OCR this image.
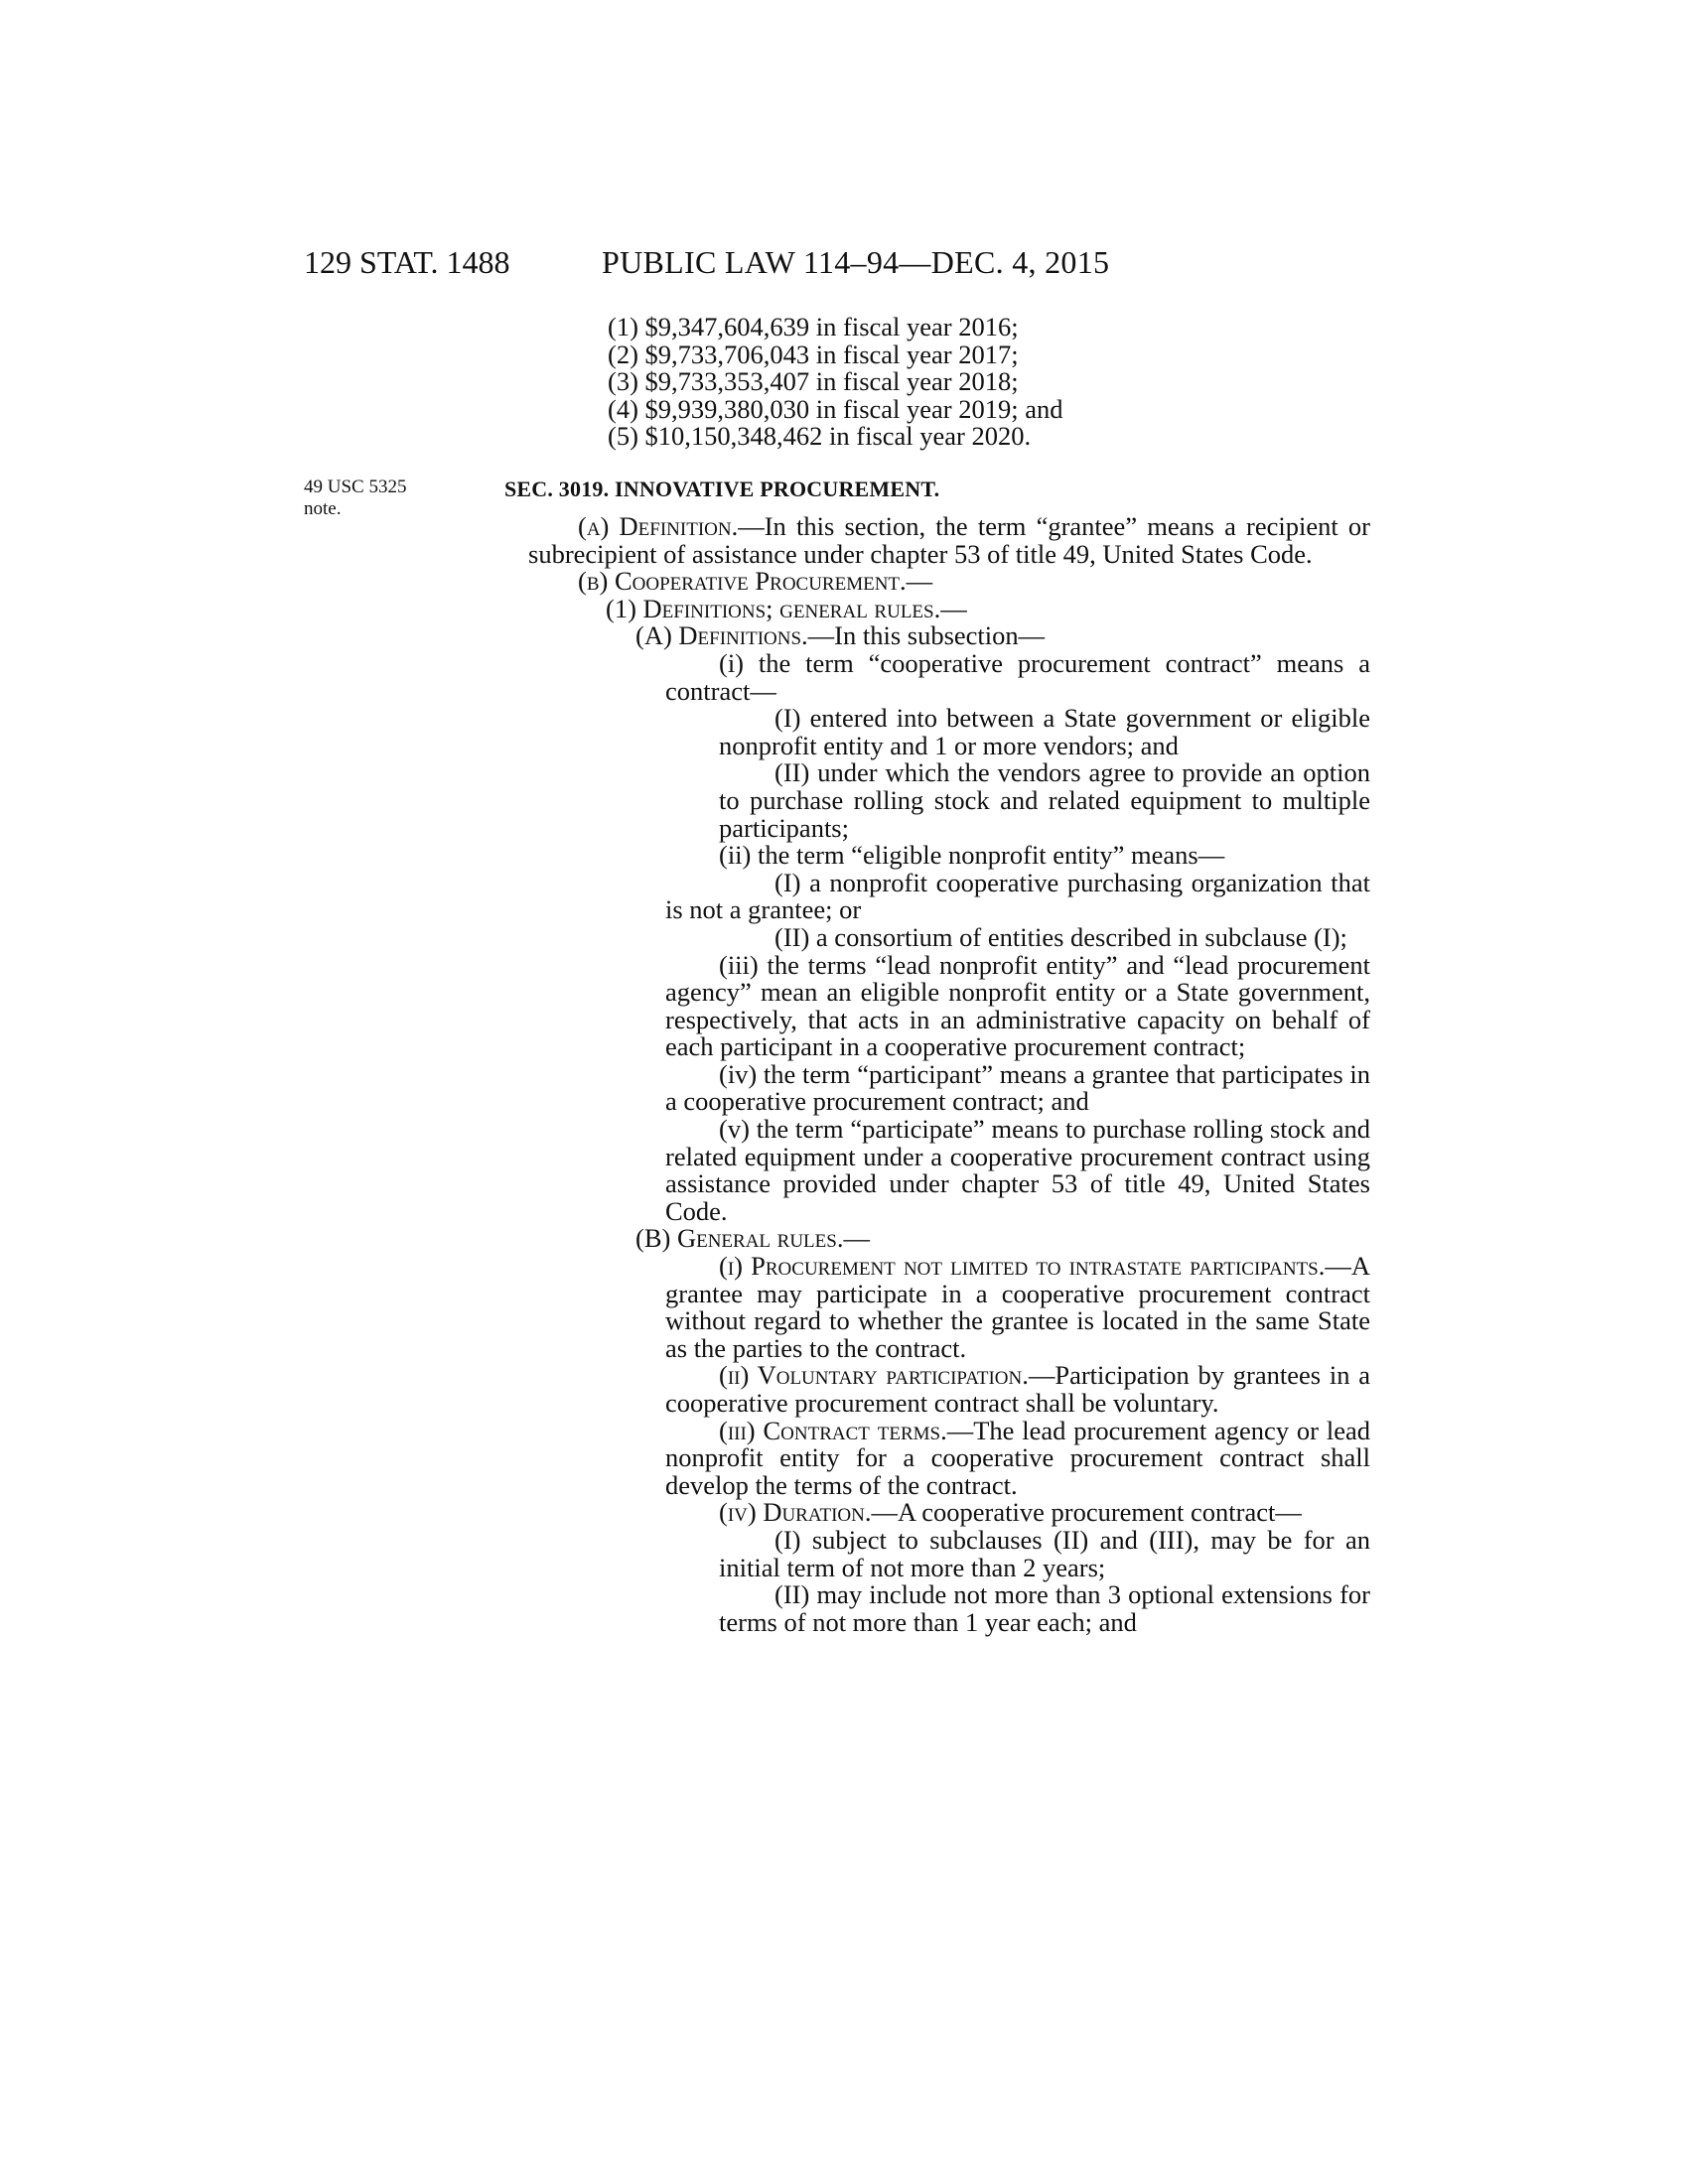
129 STAT. 1488	PUBLIC LAW 114–94—DEC. 4, 2015
(1) $9,347,604,639 in fiscal year 2016;
(2) $9,733,706,043 in fiscal year 2017;
(3) $9,733,353,407 in fiscal year 2018;
(4) $9,939,380,030 in fiscal year 2019; and
(5) $10,150,348,462 in fiscal year 2020.
49 USC 5325
note.
SEC. 3019. INNOVATIVE PROCUREMENT.

(a) Definition.—In this section, the term “grantee” means a recipient or subrecipient of assistance under chapter 53 of title 49, United States Code.

(b) Cooperative Procurement.—

(1) Definitions; general rules.—

(A) Definitions.—In this subsection—

(i) the term “cooperative procurement contract” means a contract—

(I) entered into between a State government or eligible nonprofit entity and 1 or more vendors; and

(II) under which the vendors agree to provide an option to purchase rolling stock and related equipment to multiple participants;

(ii) the term “eligible nonprofit entity” means—

(I) a nonprofit cooperative purchasing organization that is not a grantee; or

(II) a consortium of entities described in subclause (I);

(iii) the terms “lead nonprofit entity” and “lead procurement agency” mean an eligible nonprofit entity or a State government, respectively, that acts in an administrative capacity on behalf of each participant in a cooperative procurement contract;

(iv) the term “participant” means a grantee that participates in a cooperative procurement contract; and

(v) the term “participate” means to purchase rolling stock and related equipment under a cooperative procurement contract using assistance provided under chapter 53 of title 49, United States Code.

(B) General rules.—

(i) Procurement not limited to intrastate participants.—A grantee may participate in a cooperative procurement contract without regard to whether the grantee is located in the same State as the parties to the contract.

(ii) Voluntary participation.—Participation by grantees in a cooperative procurement contract shall be voluntary.

(iii) Contract terms.—The lead procurement agency or lead nonprofit entity for a cooperative procurement contract shall develop the terms of the contract.

(iv) Duration.—A cooperative procurement contract—

(I) subject to subclauses (II) and (III), may be for an initial term of not more than 2 years;

(II) may include not more than 3 optional extensions for terms of not more than 1 year each; and
